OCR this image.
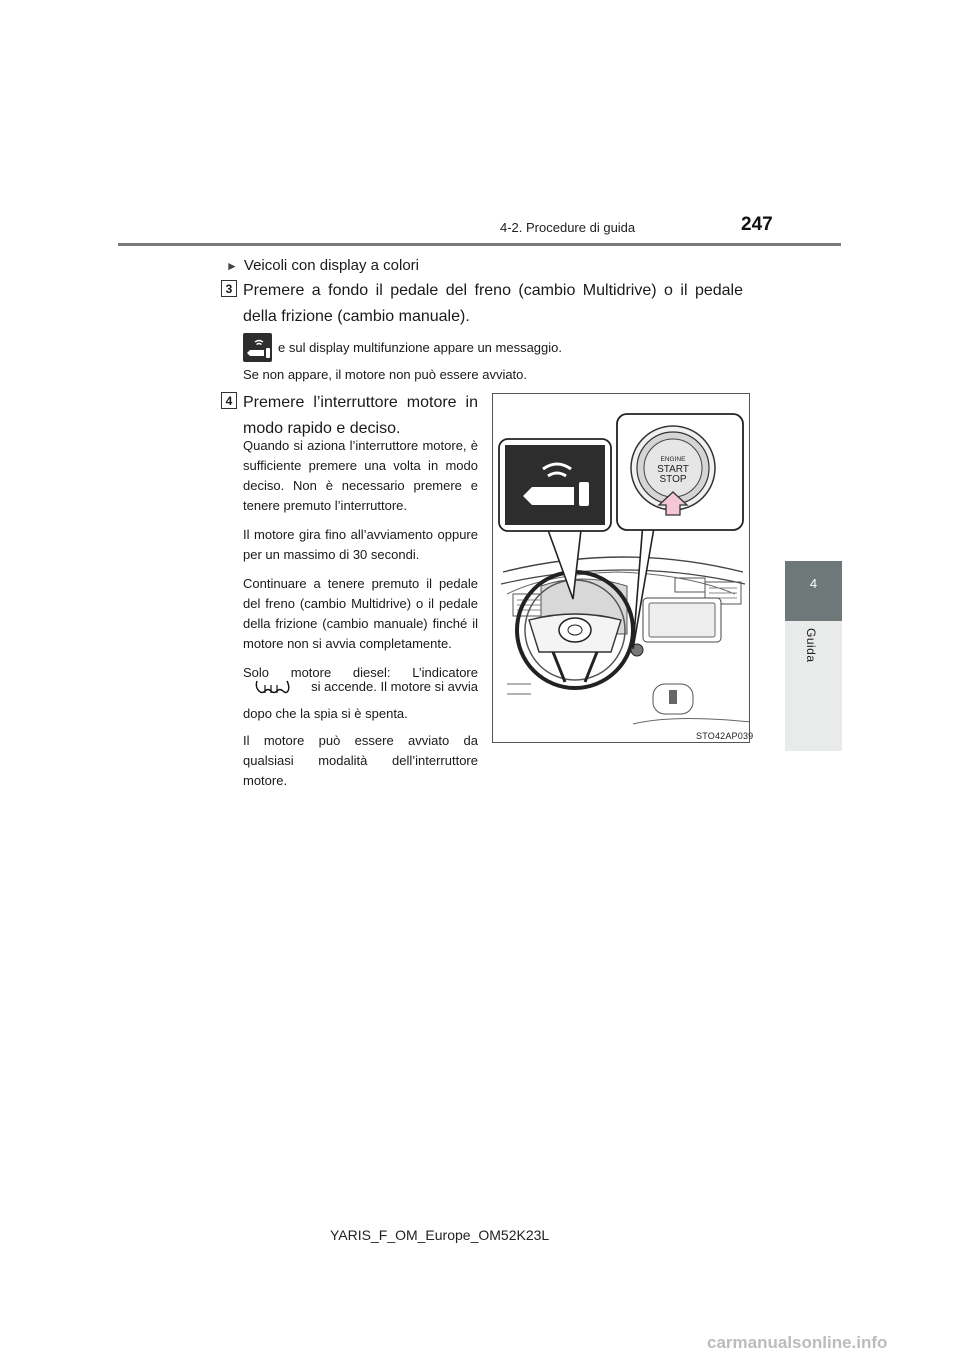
4-2. Procedure di guida	247
4
Guida
► Veicoli con display a colori
3 Premere a fondo il pedale del freno (cambio Multidrive) o il pedale della frizione (cambio manuale).
e sul display multifunzione appare un messaggio.
Se non appare, il motore non può essere avviato.
4 Premere l’interruttore motore in modo rapido e deciso.

Quando si aziona l’interruttore motore, è sufficiente premere una volta in modo deciso. Non è necessario premere e tenere premuto l’interruttore.

Il motore gira fino all’avviamento oppure per un massimo di 30 secondi.

Continuare a tenere premuto il pedale del freno (cambio Multidrive) o il pedale della frizione (cambio manuale) finché il motore non si avvia completamente.

Solo motore diesel: L’indicatore

si accende. Il motore si avvia
dopo che la spia si è spenta.
Il motore può essere avviato da qualsiasi modalità dell’interruttore motore.
ENGINE
START
STOP
STO42AP039
YARIS_F_OM_Europe_OM52K23L
carmanualsonline.info
